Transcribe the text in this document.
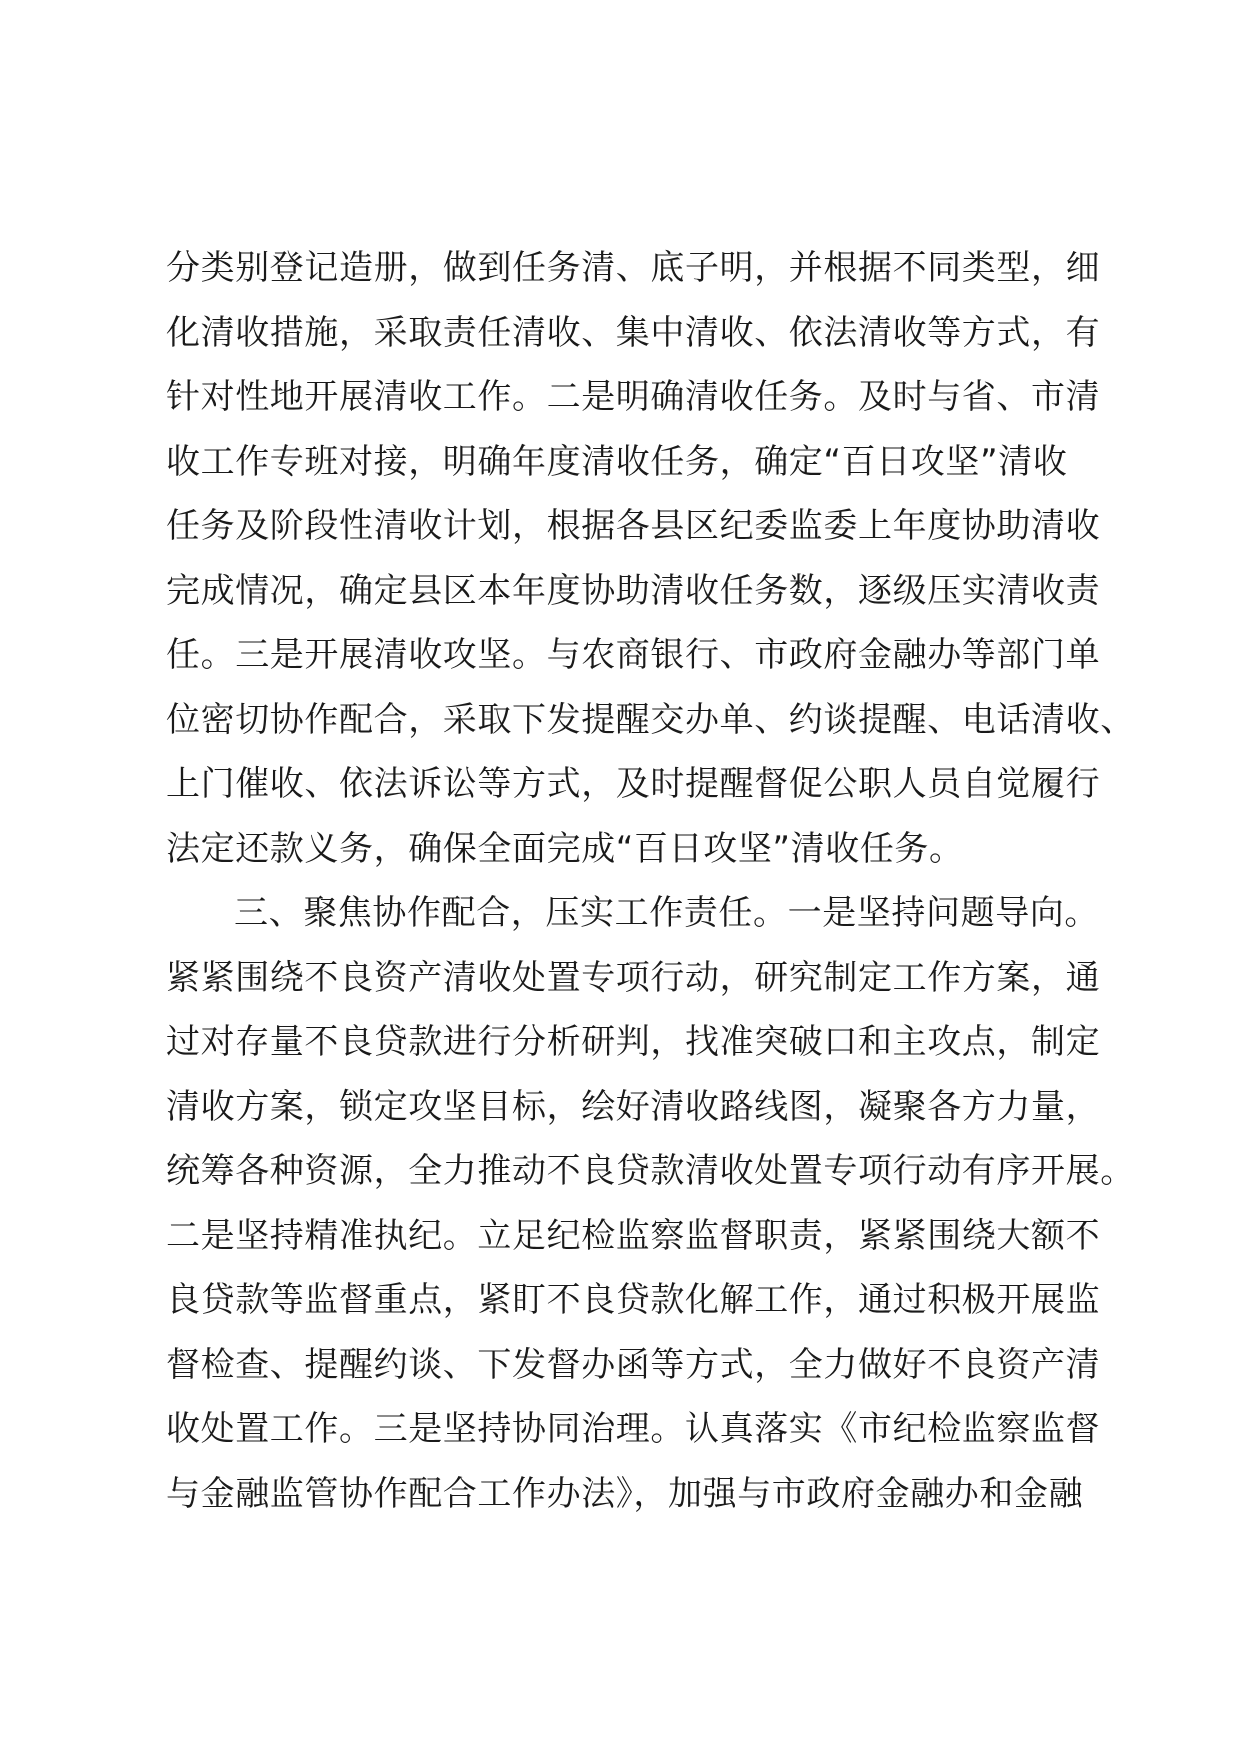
分类别登记造册，做到任务清、底子明，并根据不同类型，细
化清收措施，采取责任清收、集中清收、依法清收等方式，有
针对性地开展清收工作。二是明确清收任务。及时与省、市清
收工作专班对接，明确年度清收任务，确定“百日攻坚”清收
任务及阶段性清收计划，根据各县区纪委监委上年度协助清收
完成情况，确定县区本年度协助清收任务数，逐级压实清收责
任。三是开展清收攻坚。与农商银行、市政府金融办等部门单
位密切协作配合，采取下发提醒交办单、约谈提醒、电话清收、
上门催收、依法诉讼等方式，及时提醒督促公职人员自觉履行
法定还款义务，确保全面完成“百日攻坚”清收任务。
三、聚焦协作配合，压实工作责任。一是坚持问题导向。
紧紧围绕不良资产清收处置专项行动，研究制定工作方案，通
过对存量不良贷款进行分析研判，找准突破口和主攻点，制定
清收方案，锁定攻坚目标，绘好清收路线图，凝聚各方力量，
统筹各种资源，全力推动不良贷款清收处置专项行动有序开展。
二是坚持精准执纪。立足纪检监察监督职责，紧紧围绕大额不
良贷款等监督重点，紧盯不良贷款化解工作，通过积极开展监
督检查、提醒约谈、下发督办函等方式，全力做好不良资产清
收处置工作。三是坚持协同治理。认真落实《市纪检监察监督
与金融监管协作配合工作办法》，加强与市政府金融办和金融
